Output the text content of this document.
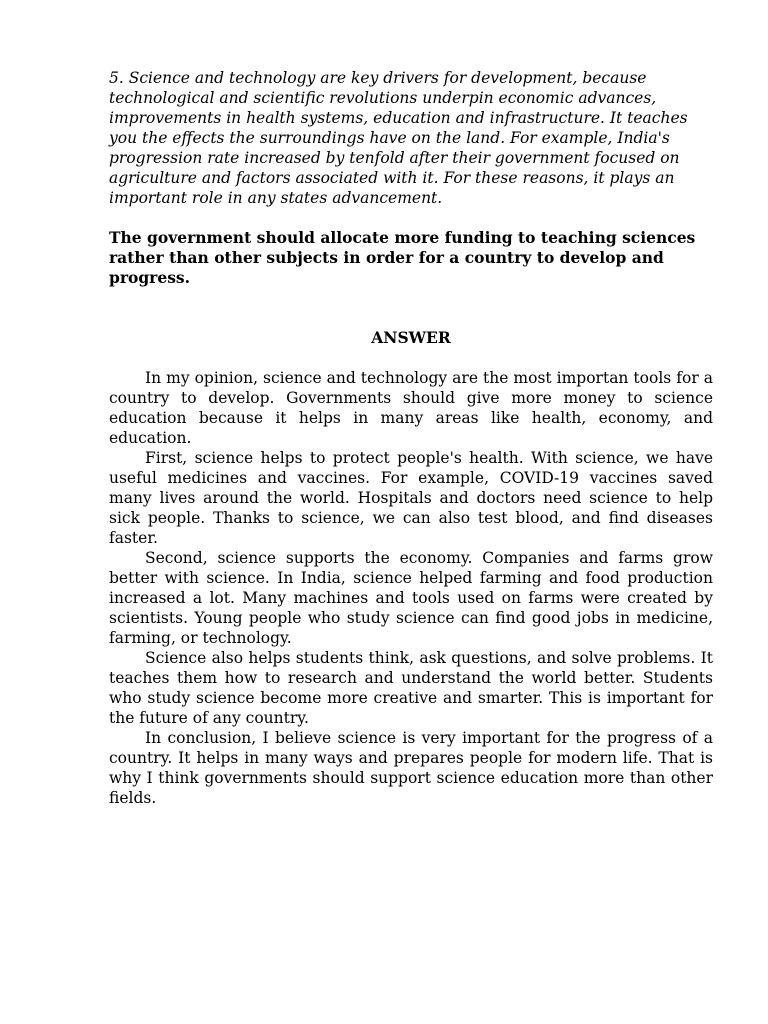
5. Science and technology are key drivers for development, because technological and scientific revolutions underpin economic advances, improvements in health systems, education and infrastructure. It teaches you the effects the surroundings have on the land. For example, India's progression rate increased by tenfold after their government focused on agriculture and factors associated with it. For these reasons, it plays an important role in any states advancement.

The government should allocate more funding to teaching sciences rather than other subjects in order for a country to develop and progress.

ANSWER

In my opinion, science and technology are the most importan tools for a country to develop. Governments should give more money to science education because it helps in many areas like health, economy, and education.

First, science helps to protect people's health. With science, we have useful medicines and vaccines. For example, COVID-19 vaccines saved many lives around the world. Hospitals and doctors need science to help sick people. Thanks to science, we can also test blood, and find diseases faster.

Second, science supports the economy. Companies and farms grow better with science. In India, science helped farming and food production increased a lot. Many machines and tools used on farms were created by scientists. Young people who study science can find good jobs in medicine, farming, or technology.

Science also helps students think, ask questions, and solve problems. It teaches them how to research and understand the world better. Students who study science become more creative and smarter. This is important for the future of any country.

In conclusion, I believe science is very important for the progress of a country. It helps in many ways and prepares people for modern life. That is why I think governments should support science education more than other fields.
